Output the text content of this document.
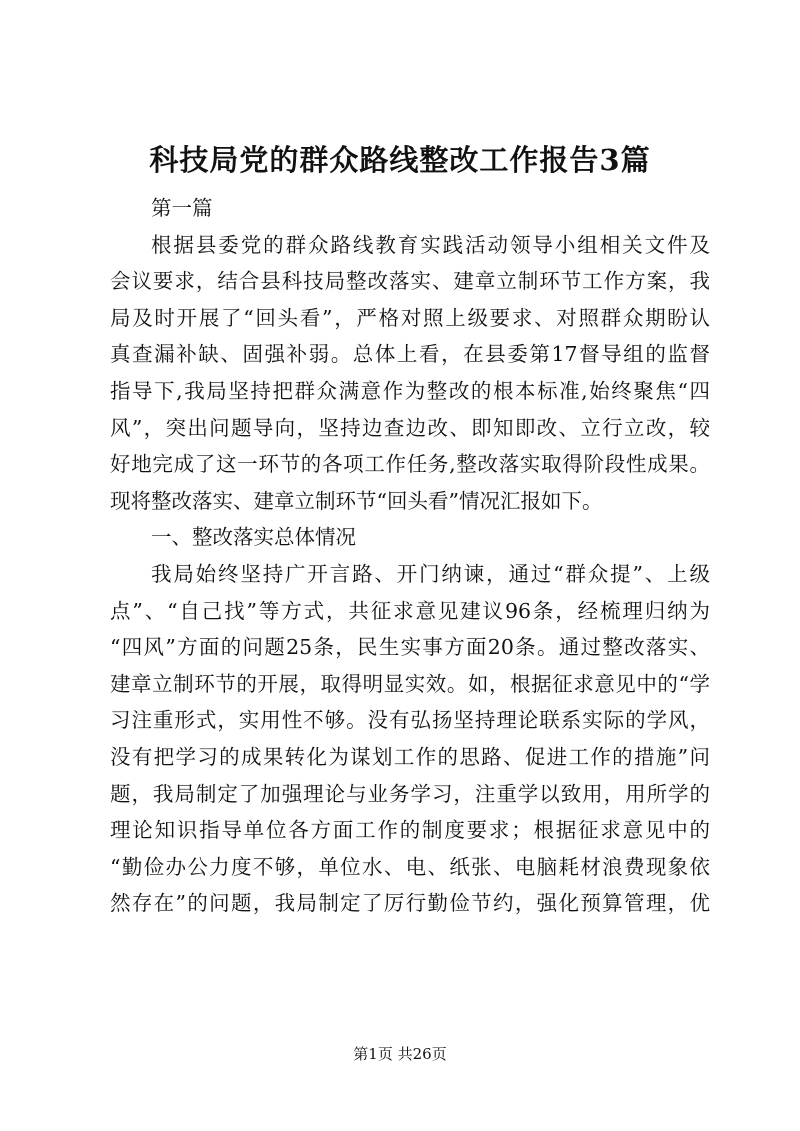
科技局党的群众路线整改工作报告3篇
第一篇
根据县委党的群众路线教育实践活动领导小组相关文件及
会议要求，结合县科技局整改落实、建章立制环节工作方案，我
局及时开展了“回头看”，严格对照上级要求、对照群众期盼认
真查漏补缺、固强补弱。总体上看，在县委第17督导组的监督
指导下,我局坚持把群众满意作为整改的根本标准,始终聚焦“四
风”，突出问题导向，坚持边查边改、即知即改、立行立改，较
好地完成了这一环节的各项工作任务,整改落实取得阶段性成果。
现将整改落实、建章立制环节“回头看”情况汇报如下。
一、整改落实总体情况
我局始终坚持广开言路、开门纳谏，通过“群众提”、上级
点”、“自己找”等方式，共征求意见建议96条，经梳理归纳为
“四风”方面的问题25条，民生实事方面20条。通过整改落实、
建章立制环节的开展，取得明显实效。如，根据征求意见中的“学
习注重形式，实用性不够。没有弘扬坚持理论联系实际的学风，
没有把学习的成果转化为谋划工作的思路、促进工作的措施”问
题，我局制定了加强理论与业务学习，注重学以致用，用所学的
理论知识指导单位各方面工作的制度要求；根据征求意见中的
“勤俭办公力度不够，单位水、电、纸张、电脑耗材浪费现象依
然存在”的问题，我局制定了厉行勤俭节约，强化预算管理，优
第1页 共26页
